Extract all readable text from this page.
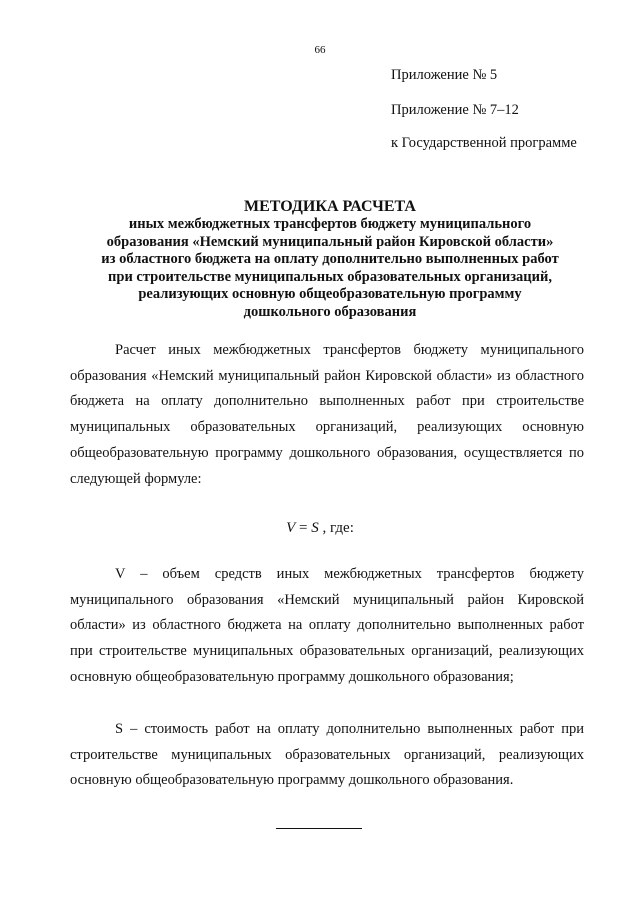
66
Приложение № 5
Приложение № 7–12
к Государственной программе
МЕТОДИКА РАСЧЕТА
иных межбюджетных трансфертов бюджету муниципального
образования «Немский муниципальный район Кировской области»
из областного бюджета на оплату дополнительно выполненных работ
при строительстве муниципальных образовательных организаций,
реализующих основную общеобразовательную программу
дошкольного образования

Расчет иных межбюджетных трансфертов бюджету муниципального образования «Немский муниципальный район Кировской области» из областного бюджета на оплату дополнительно выполненных работ при строительстве муниципальных образовательных организаций, реализующих основную общеобразовательную программу дошкольного образования, осуществляется по следующей формуле:

V = S , где:

V – объем средств иных межбюджетных трансфертов бюджету муниципального образования «Немский муниципальный район Кировской области» из областного бюджета на оплату дополнительно выполненных работ при строительстве муниципальных образовательных организаций, реализующих основную общеобразовательную программу дошкольного образования;

S – стоимость работ на оплату дополнительно выполненных работ при строительстве муниципальных образовательных организаций, реализующих основную общеобразовательную программу дошкольного образования.
